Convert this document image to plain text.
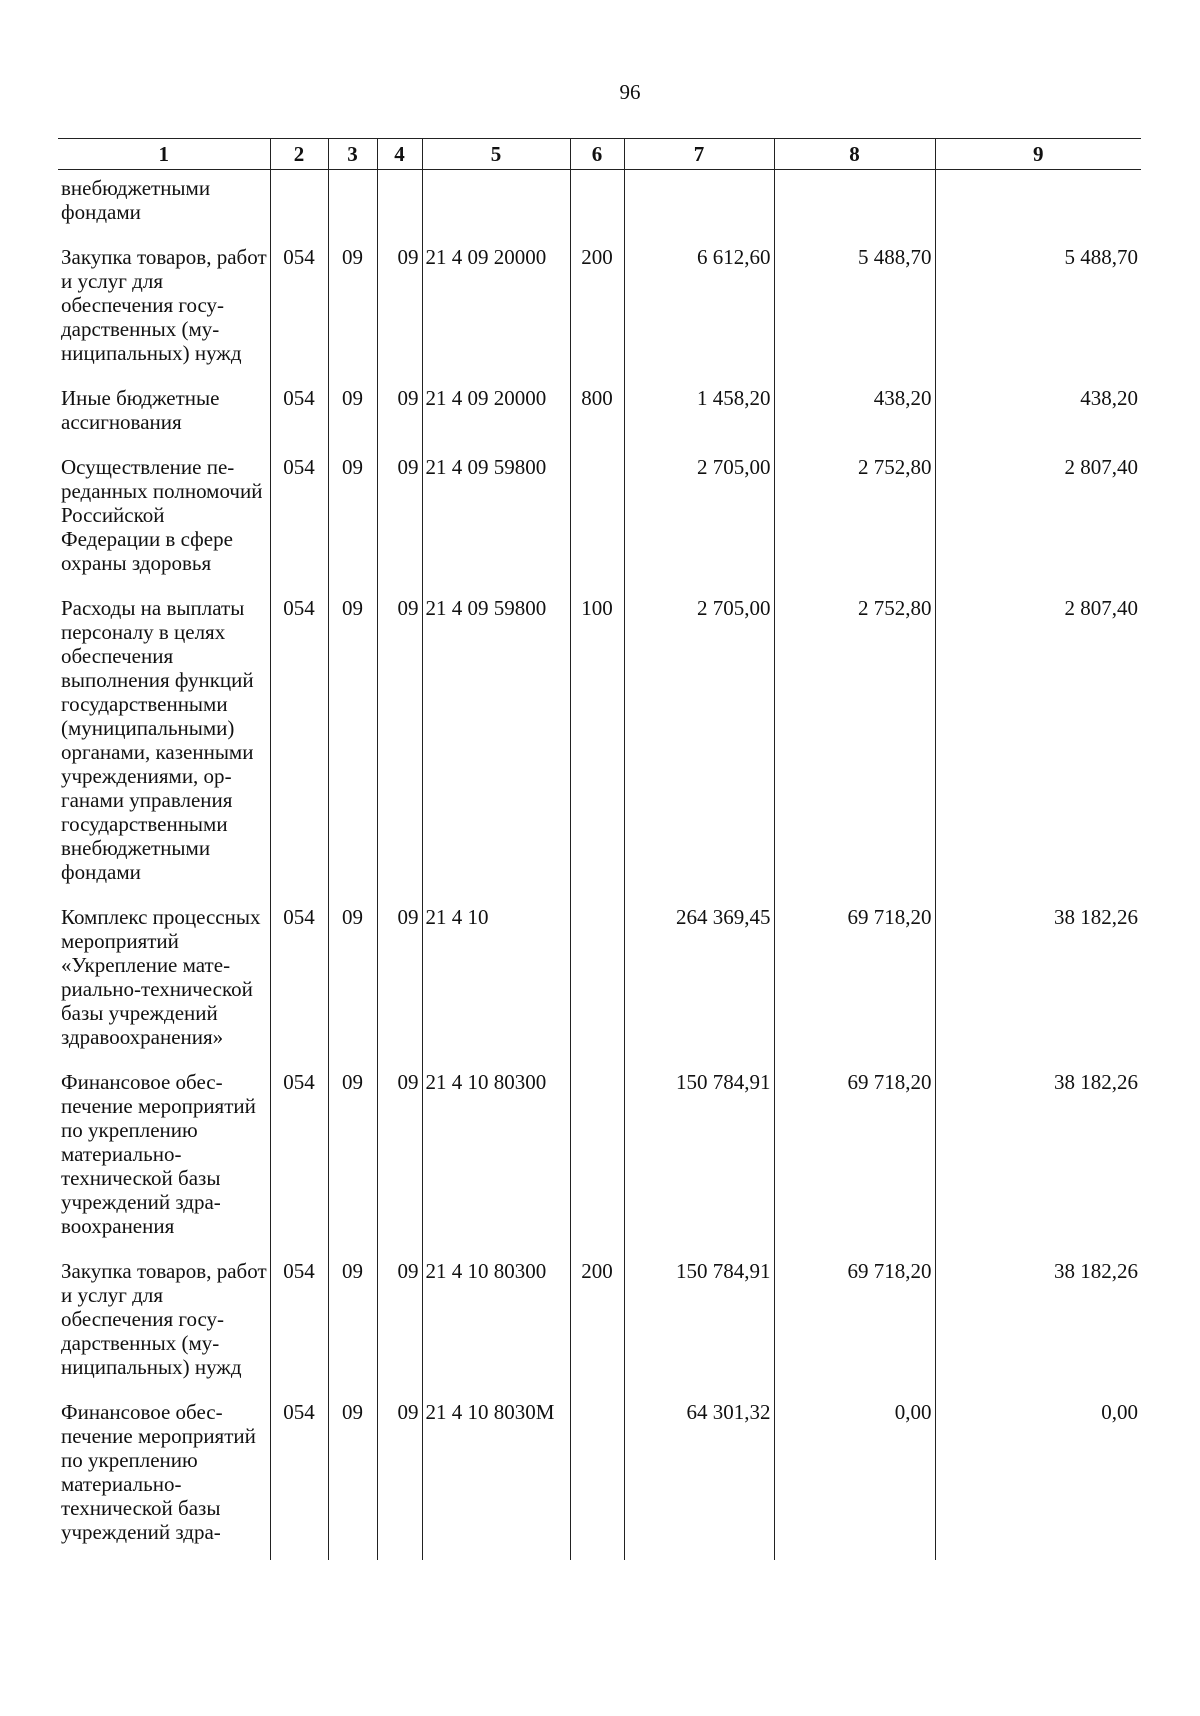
96
1	2	3	4	5	6	7	8	9
внебюджетными фондами								
Закупка товаров, работ и услуг для обеспечения государственных (муниципальных) нужд	054	09	09	21 4 09 20000	200	6 612,60	5 488,70	5 488,70
Иные бюджетные ассигнования	054	09	09	21 4 09 20000	800	1 458,20	438,20	438,20
Осуществление переданных полномочий Российской Федерации в сфере охраны здоровья	054	09	09	21 4 09 59800		2 705,00	2 752,80	2 807,40
Расходы на выплаты персоналу в целях обеспечения выполнения функций государственными (муниципальными) органами, казенными учреждениями, органами управления государственными внебюджетными фондами	054	09	09	21 4 09 59800	100	2 705,00	2 752,80	2 807,40
Комплекс процессных мероприятий «Укрепление материально-технической базы учреждений здравоохранения»	054	09	09	21 4 10		264 369,45	69 718,20	38 182,26
Финансовое обеспечение мероприятий по укреплению материально-технической базы учреждений здравоохранения	054	09	09	21 4 10 80300		150 784,91	69 718,20	38 182,26
Закупка товаров, работ и услуг для обеспечения государственных (муниципальных) нужд	054	09	09	21 4 10 80300	200	150 784,91	69 718,20	38 182,26
Финансовое обеспечение мероприятий по укреплению материально-технической базы учреждений здра-	054	09	09	21 4 10 8030М		64 301,32	0,00	0,00
